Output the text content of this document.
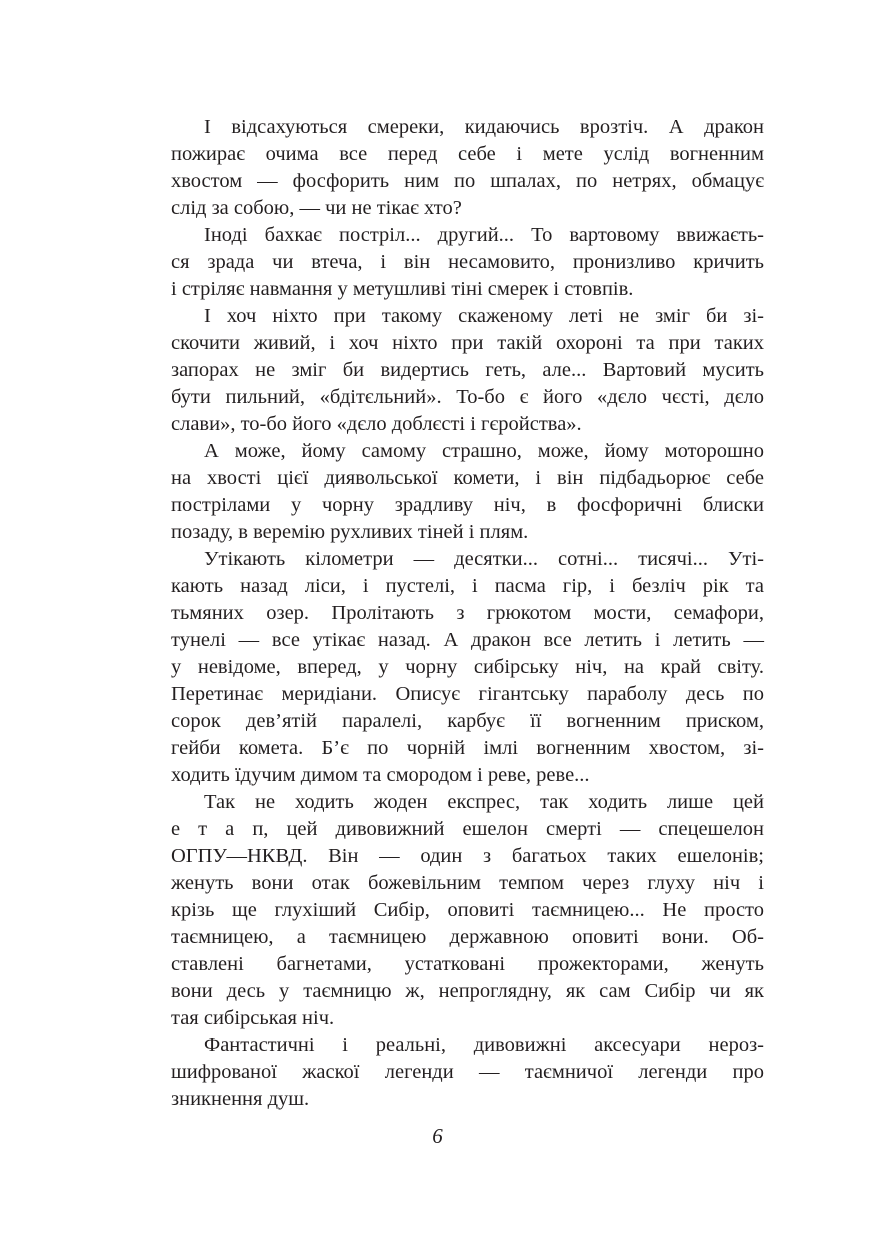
І відсахуються смереки, кидаючись врозтіч. А дракон
пожирає очима все перед себе і мете услід вогненним
хвостом — фосфорить ним по шпалах, по нетрях, обмацує
слід за собою, — чи не тікає хто?
Іноді бахкає постріл... другий... То вартовому ввижаєть-
ся зрада чи втеча, і він несамовито, пронизливо кричить
і стріляє навмання у метушливі тіні смерек і стовпів.
І хоч ніхто при такому скаженому леті не зміг би зі-
скочити живий, і хоч ніхто при такій охороні та при таких
запорах не зміг би видертись геть, але... Вартовий мусить
бути пильний, «бдітєльний». То-бо є його «дєло чєсті, дєло
слави», то-бо його «дєло доблєсті і гєройства».
А може, йому самому страшно, може, йому моторошно
на хвості цієї диявольської комети, і він підбадьорює себе
пострілами у чорну зрадливу ніч, в фосфоричні блиски
позаду, в веремію рухливих тіней і плям.
Утікають кілометри — десятки... сотні... тисячі... Уті-
кають назад ліси, і пустелі, і пасма гір, і безліч рік та
тьмяних озер. Пролітають з грюкотом мости, семафори,
тунелі — все утікає назад. А дракон все летить і летить —
у невідоме, вперед, у чорну сибірську ніч, на край світу.
Перетинає меридіани. Описує гігантську параболу десь по
сорок дев’ятій паралелі, карбує її вогненним приском,
гейби комета. Б’є по чорній імлі вогненним хвостом, зі-
ходить їдучим димом та смородом і реве, реве...
Так не ходить жоден експрес, так ходить лише цей
е т а п, цей дивовижний ешелон смерті — спецешелон
ОГПУ—НКВД. Він — один з багатьох таких ешелонів;
женуть вони отак божевільним темпом через глуху ніч і
крізь ще глухіший Сибір, оповиті таємницею... Не просто
таємницею, а таємницею державною оповиті вони. Об-
ставлені багнетами, устатковані прожекторами, женуть
вони десь у таємницю ж, непроглядну, як сам Сибір чи як
тая сибірськая ніч.
Фантастичні і реальні, дивовижні аксесуари нероз-
шифрованої жаскої легенди — таємничої легенди про
зникнення душ.
6
